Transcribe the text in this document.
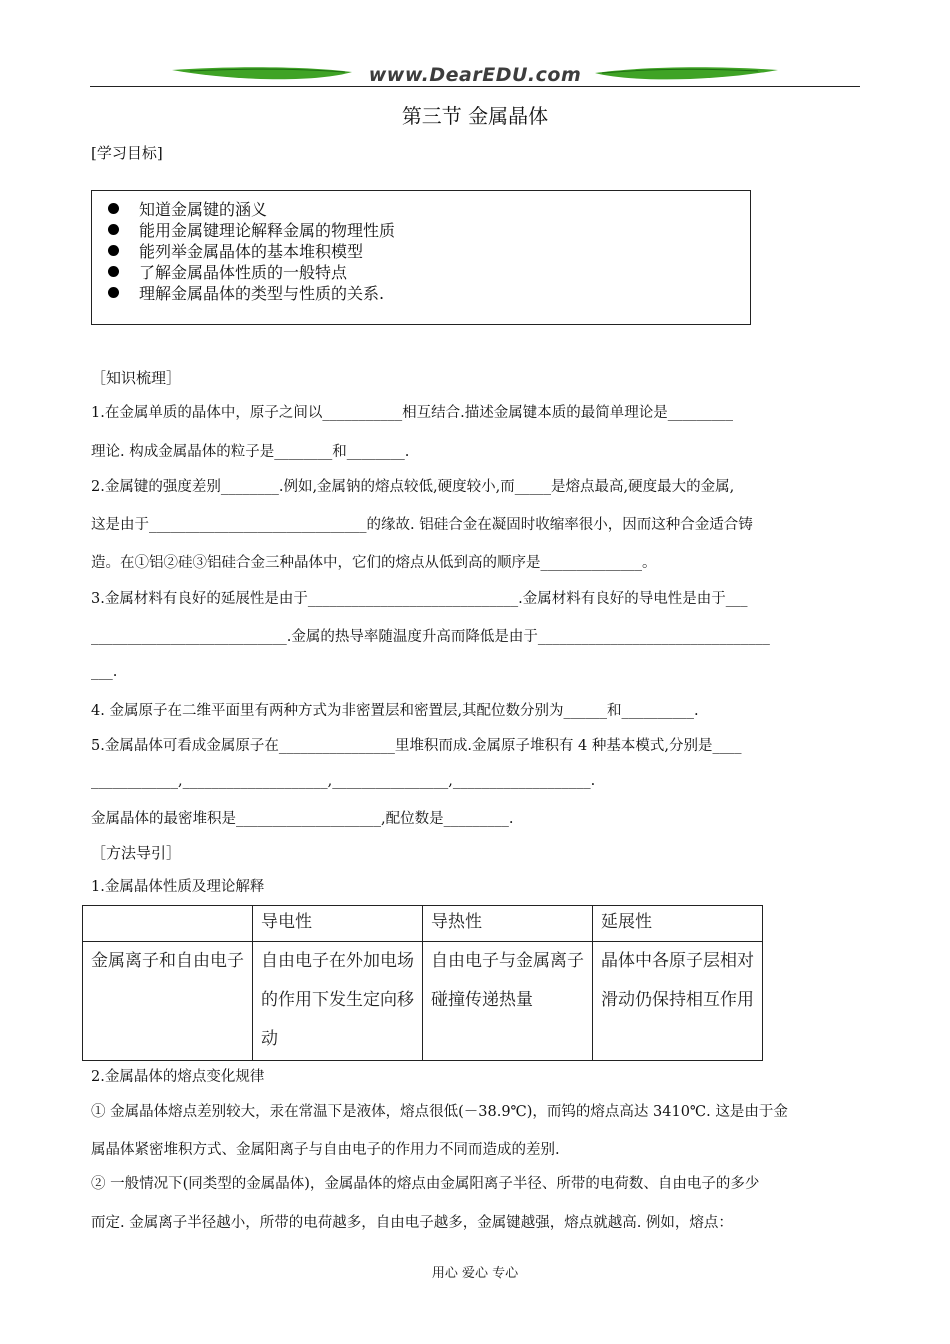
www.DearEDU.com
第三节 金属晶体
[学习目标]
知道金属键的涵义
能用金属键理论解释金属的物理性质
能列举金属晶体的基本堆积模型
了解金属晶体性质的一般特点
理解金属晶体的类型与性质的关系.
［知识梳理］
1.在金属单质的晶体中，原子之间以___________相互结合.描述金属键本质的最简单理论是_________
理论. 构成金属晶体的粒子是________和________.
2.金属键的强度差别________.例如,金属钠的熔点较低,硬度较小,而_____是熔点最高,硬度最大的金属,
这是由于______________________________的缘故. 铝硅合金在凝固时收缩率很小，因而这种合金适合铸
造。在①铝②硅③铝硅合金三种晶体中，它们的熔点从低到高的顺序是______________。
3.金属材料有良好的延展性是由于_____________________________.金属材料有良好的导电性是由于___
___________________________.金属的热导率随温度升高而降低是由于________________________________
___.
4. 金属原子在二维平面里有两种方式为非密置层和密置层,其配位数分别为______和__________.
5.金属晶体可看成金属原子在________________里堆积而成.金属原子堆积有 4 种基本模式,分别是____
____________,____________________,________________,___________________.
金属晶体的最密堆积是____________________,配位数是_________.
［方法导引］
1.金属晶体性质及理论解释
	导电性	导热性	延展性
金属离子和自由电子	自由电子在外加电场的作用下发生定向移动	自由电子与金属离子碰撞传递热量	晶体中各原子层相对滑动仍保持相互作用
2.金属晶体的熔点变化规律
① 金属晶体熔点差别较大，汞在常温下是液体，熔点很低(－38.9℃)，而钨的熔点高达 3410℃. 这是由于金
属晶体紧密堆积方式、金属阳离子与自由电子的作用力不同而造成的差别.
② 一般情况下(同类型的金属晶体)，金属晶体的熔点由金属阳离子半径、所带的电荷数、自由电子的多少
而定. 金属离子半径越小，所带的电荷越多，自由电子越多，金属键越强，熔点就越高. 例如，熔点：
用心 爱心 专心
